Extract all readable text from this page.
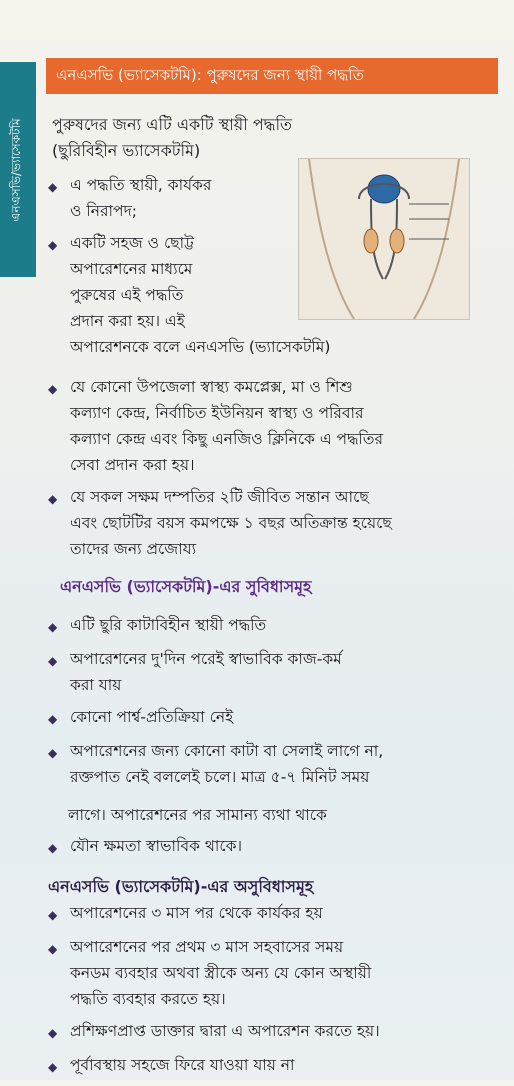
এনএসভি/ভ্যাসেকটমি
এনএসভি (ভ্যাসেকটমি): পুরুষদের জন্য স্থায়ী পদ্ধতি
পুরুষদের জন্য এটি একটি স্থায়ী পদ্ধতি
(ছুরিবিহীন ভ্যাসেকটমি)
◆ এ পদ্ধতি স্থায়ী, কার্যকর
ও নিরাপদ;
◆ একটি সহজ ও ছোট্ট
অপারেশনের মাধ্যমে
পুরুষের এই পদ্ধতি
প্রদান করা হয়। এই
অপারেশনকে বলে এনএসভি (ভ্যাসেকটমি)
◆ যে কোনো উপজেলা স্বাস্থ্য কমপ্লেক্স, মা ও শিশু
কল্যাণ কেন্দ্র, নির্বাচিত ইউনিয়ন স্বাস্থ্য ও পরিবার
কল্যাণ কেন্দ্র এবং কিছু এনজিও ক্লিনিকে এ পদ্ধতির
সেবা প্রদান করা হয়।
◆ যে সকল সক্ষম দম্পতির ২টি জীবিত সন্তান আছে
এবং ছোটটির বয়স কমপক্ষে ১ বছর অতিক্রান্ত হয়েছে
তাদের জন্য প্রজোয্য
এনএসভি (ভ্যাসেকটমি)-এর সুবিধাসমূহ
◆ এটি ছুরি কাটাবিহীন স্থায়ী পদ্ধতি
◆ অপারেশনের দু'দিন পরেই স্বাভাবিক কাজ-কর্ম
করা যায়
◆ কোনো পার্শ্ব-প্রতিক্রিয়া নেই
◆ অপারেশনের জন্য কোনো কাটা বা সেলাই লাগে না,
রক্তপাত নেই বললেই চলে। মাত্র ৫-৭ মিনিট সময়
লাগে। অপারেশনের পর সামান্য ব্যথা থাকে
◆ যৌন ক্ষমতা স্বাভাবিক থাকে।
এনএসভি (ভ্যাসেকটমি)-এর অসুবিধাসমূহ
◆ অপারেশনের ৩ মাস পর থেকে কার্যকর হয়
◆ অপারেশনের পর প্রথম ৩ মাস সহবাসের সময়
কনডম ব্যবহার অথবা স্ত্রীকে অন্য যে কোন অস্থায়ী
পদ্ধতি ব্যবহার করতে হয়।
◆ প্রশিক্ষণপ্রাপ্ত ডাক্তার দ্বারা এ অপারেশন করতে হয়।
◆ পূর্বাবস্থায় সহজে ফিরে যাওয়া যায় না
